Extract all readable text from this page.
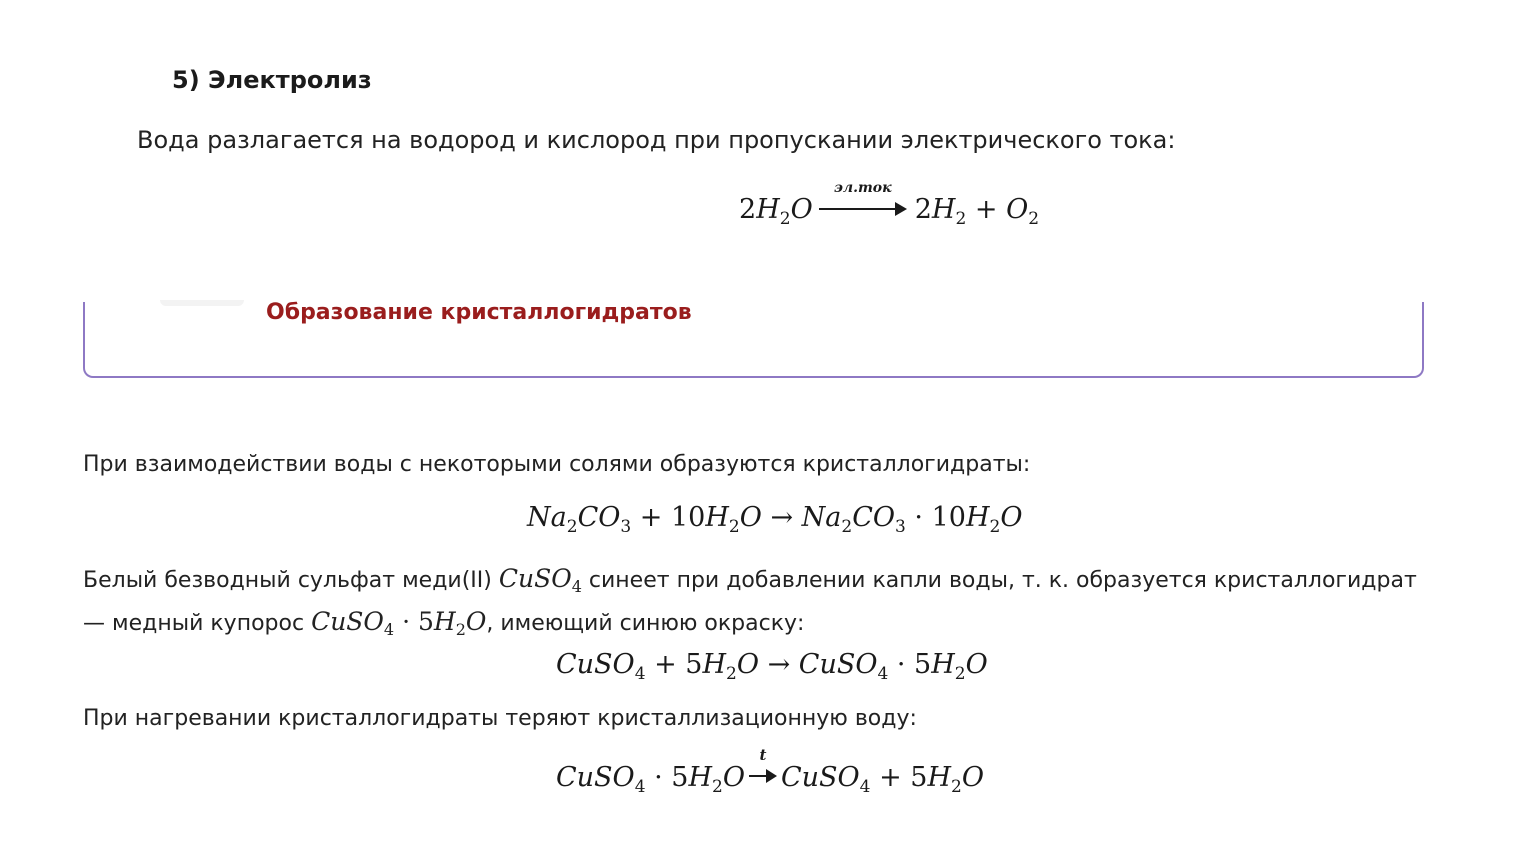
5) Электролиз
Вода разлагается на водород и кислород при пропускании электрического тока:
$2H_2O$
эл.ток
$2H_2 + O_2$
Образование кристаллогидратов
При взаимодействии воды с некоторыми солями образуются кристаллогидраты:
$Na_2CO_3 + 10H_2O \to Na_2CO_3 \cdot 10H_2O$
Белый безводный сульфат меди(II) CuSO$_4$ синеет при добавлении капли воды, т. к. образуется кристаллогидрат — медный купорос CuSO$_4$ · $5H_2O$, имеющий синюю окраску:
CuSO$_4$ + $5H_2O$ → CuSO$_4$ · $5H_2O$
При нагревании кристаллогидраты теряют кристаллизационную воду:
CuSO$_4$ · $5H_2O$
t
CuSO$_4$ + $5H_2O$
